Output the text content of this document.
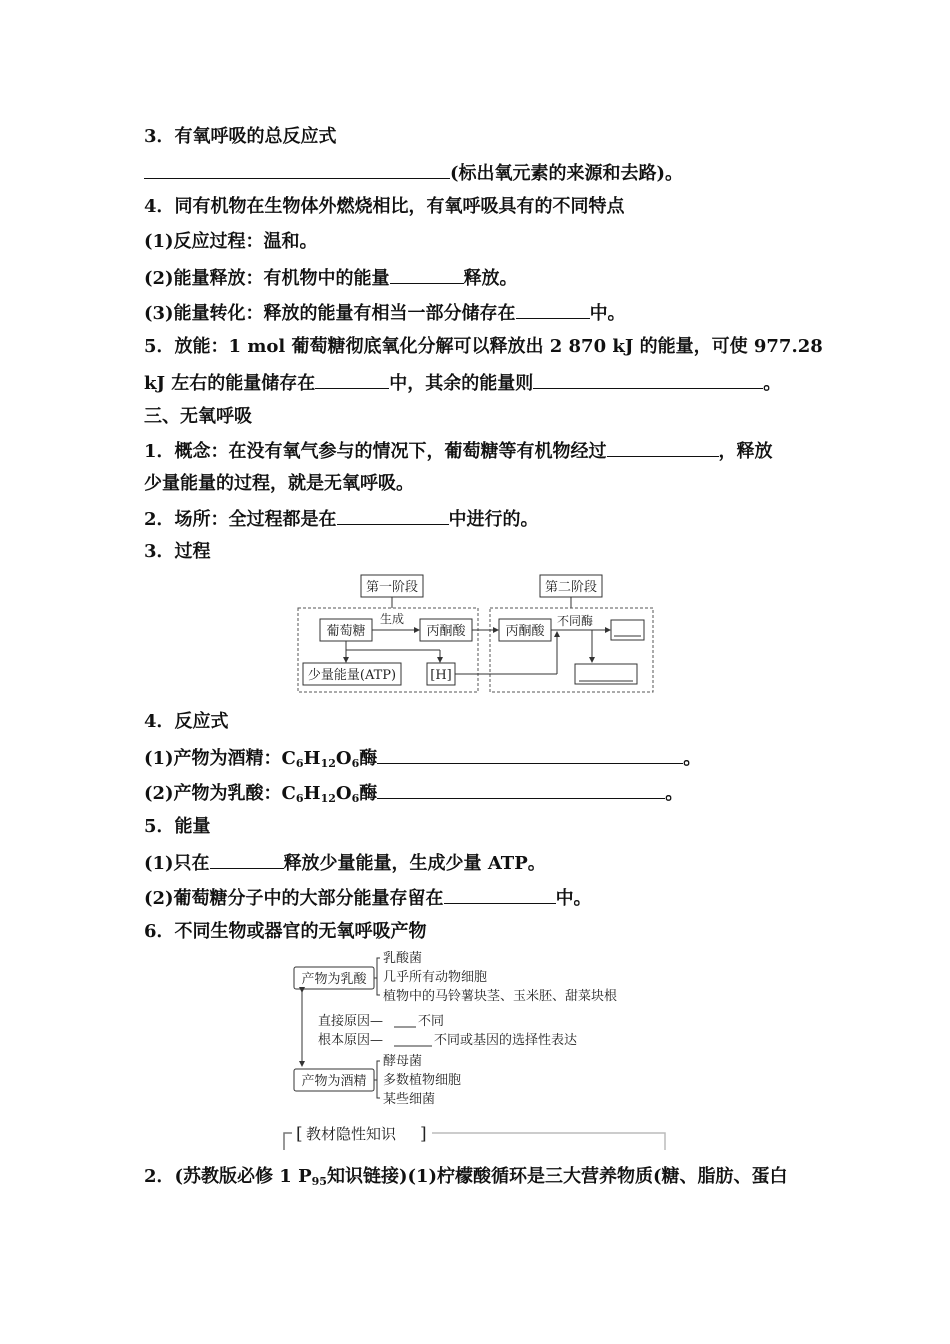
3．有氧呼吸的总反应式
(标出氧元素的来源和去路)。
4．同有机物在生物体外燃烧相比，有氧呼吸具有的不同特点
(1)反应过程：温和。
(2)能量释放：有机物中的能量	释放。
(3)能量转化：释放的能量有相当一部分储存在	中。
5．放能：1 mol 葡萄糖彻底氧化分解可以释放出 2 870 kJ 的能量，可使 977.28
kJ 左右的能量储存在	中，其余的能量则	。
三、无氧呼吸
1．概念：在没有氧气参与的情况下，葡萄糖等有机物经过	，释放
少量能量的过程，就是无氧呼吸。
2．场所：全过程都是在	中进行的。
3．过程
第一阶段	第二阶段
葡萄糖
生成
丙酮酸	丙酮酸
不同酶
少量能量(ATP)	[H]
4．反应式
(1)产物为酒精：$C_6H_{12}O_6$酶	。
(2)产物为乳酸：$C_6H_{12}O_6$酶	。
5．能量
(1)只在	释放少量能量，生成少量 ATP。
(2)葡萄糖分子中的大部分能量存留在	中。
6．不同生物或器官的无氧呼吸产物
产物为乳酸
乳酸菌
几乎所有动物细胞
植物中的马铃薯块茎、玉米胚、甜菜块根
直接原因—	不同
根本原因—	不同或基因的选择性表达
产物为酒精
酵母菌
多数植物细胞
某些细菌
[ 教材隐性知识 ]
2．(苏教版必修 1 $P_{95}$知识链接)(1)柠檬酸循环是三大营养物质(糖、脂肪、蛋白
